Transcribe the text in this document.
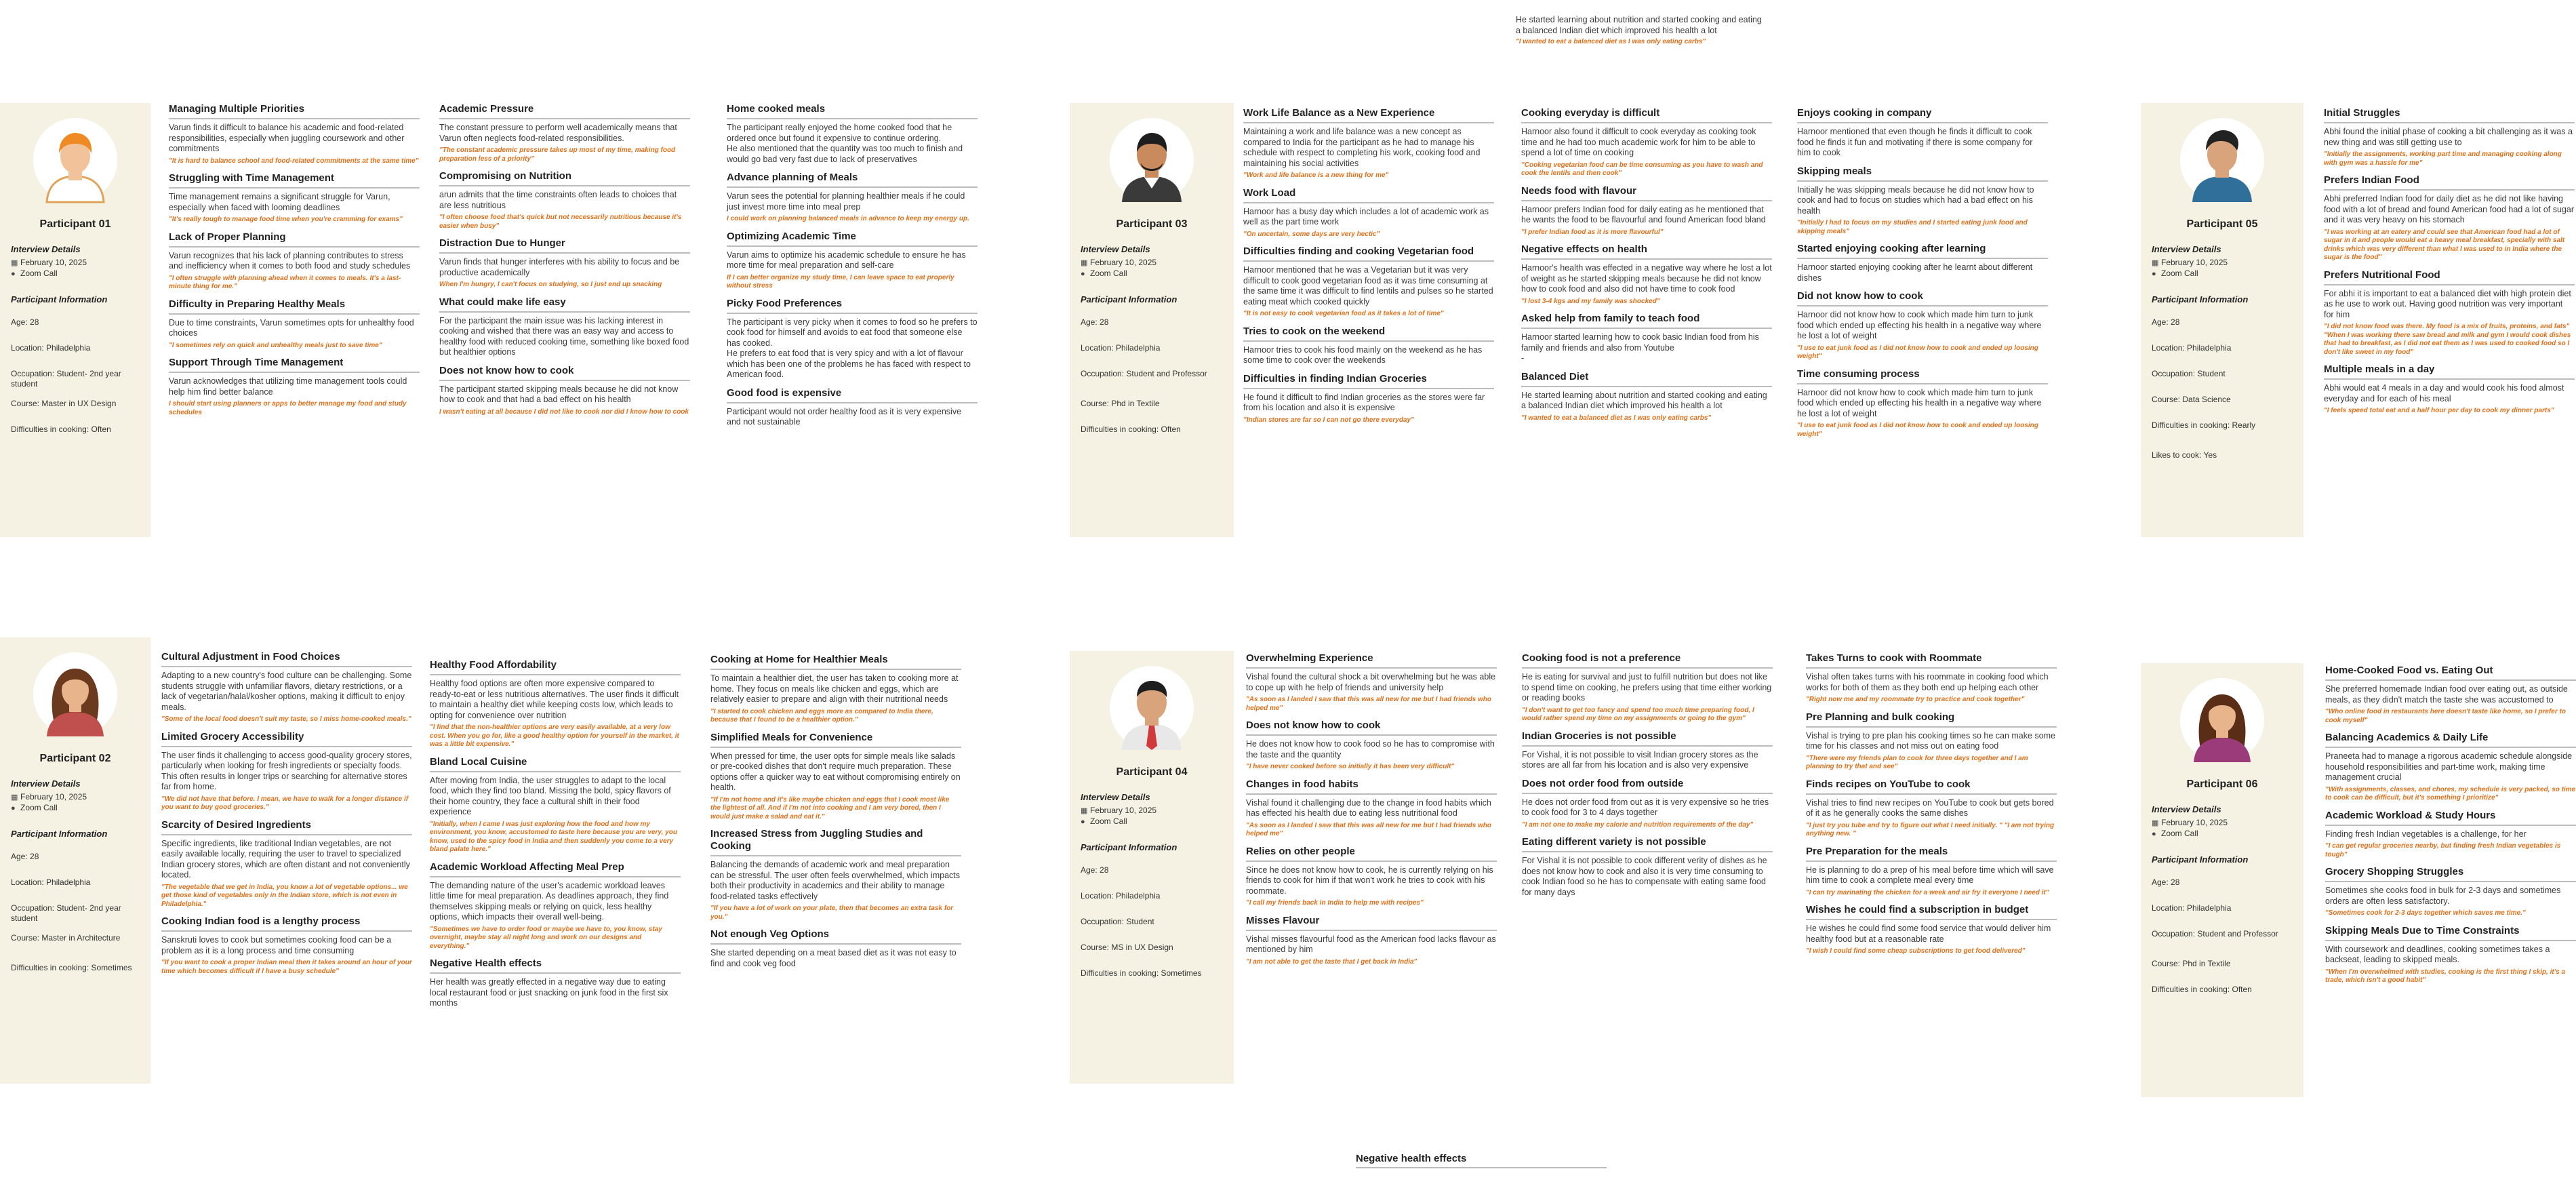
He started learning about nutrition and started cooking and eating a balanced Indian diet which improved his health a lot

"I wanted to eat a balanced diet as I was only eating carbs"
Negative health effects
Participant 01
Interview Details
▦ February 10, 2025
● Zoom Call
Participant Information
Age: 28
Location: Philadelphia
Occupation: Student- 2nd year student
Course: Master in UX Design
Difficulties in cooking: Often
Managing Multiple Priorities

Varun finds it difficult to balance his academic and food-related responsibilities, especially when juggling coursework and other commitments

"It is hard to balance school and food-related commitments at the same time"
Struggling with Time Management

Time management remains a significant struggle for Varun, especially when faced with looming deadlines

"It's really tough to manage food time when you're cramming for exams"
Lack of Proper Planning

Varun recognizes that his lack of planning contributes to stress and inefficiency when it comes to both food and study schedules

"I often struggle with planning ahead when it comes to meals. It's a last-minute thing for me."
Difficulty in Preparing Healthy Meals

Due to time constraints, Varun sometimes opts for unhealthy food choices

"I sometimes rely on quick and unhealthy meals just to save time"
Support Through Time Management

Varun acknowledges that utilizing time management tools could help him find better balance

I should start using planners or apps to better manage my food and study schedules
Academic Pressure

The constant pressure to perform well academically means that Varun often neglects food-related responsibilities.

"The constant academic pressure takes up most of my time, making food preparation less of a priority"
Compromising on Nutrition

arun admits that the time constraints often leads to choices that are less nutritious

"I often choose food that's quick but not necessarily nutritious because it's easier when busy"
Distraction Due to Hunger

Varun finds that hunger interferes with his ability to focus and be productive academically

When I'm hungry, I can't focus on studying, so I just end up snacking
What could make life easy

For the participant the main issue was his lacking interest in cooking and wished that there was an easy way and access to healthy food with reduced cooking time, something like boxed food but healthier options

Does not know how to cook

The participant started skipping meals because he did not know how to cook and that had a bad effect on his health

I wasn't eating at all because I did not like to cook nor did I know how to cook
Home cooked meals

The participant really enjoyed the home cooked food that he ordered once but found it expensive to continue ordering.
He also mentioned that the quantity was too much to finish and would go bad very fast due to lack of preservatives

Advance planning of Meals

Varun sees the potential for planning healthier meals if he could just invest more time into meal prep

I could work on planning balanced meals in advance to keep my energy up.
Optimizing Academic Time

Varun aims to optimize his academic schedule to ensure he has more time for meal preparation and self-care

If I can better organize my study time, I can leave space to eat properly without stress
Picky Food Preferences

The participant is very picky when it comes to food so he prefers to cook food for himself and avoids to eat food that someone else has cooked.
He prefers to eat food that is very spicy and with a lot of flavour which has been one of the problems he has faced with respect to American food.

Good food is expensive

Participant would not order healthy food as it is very expensive and not sustainable

Participant 03
Interview Details
▦ February 10, 2025
● Zoom Call
Participant Information
Age: 28
Location: Philadelphia
Occupation: Student and Professor
Course: Phd in Textile
Difficulties in cooking: Often
Work Life Balance as a New Experience

Maintaining a work and life balance was a new concept as compared to India for the participant as he had to manage his schedule with respect to completing his work, cooking food and maintaining his social activities

"Work and life balance is a new thing for me"
Work Load

Harnoor has a busy day which includes a lot of academic work as well as the part time work

"On uncertain, some days are very hectic"
Difficulties finding and cooking Vegetarian food

Harnoor mentioned that he was a Vegetarian but it was very difficult to cook good vegetarian food as it was time consuming at the same time it was difficult to find lentils and pulses so he started eating meat which cooked quickly

"It is not easy to cook vegetarian food as it takes a lot of time"
Tries to cook on the weekend

Harnoor tries to cook his food mainly on the weekend as he has some time to cook over the weekends

Difficulties in finding Indian Groceries

He found it difficult to find Indian groceries as the stores were far from his location and also it is expensive

"Indian stores are far so I can not go there everyday"
Cooking everyday is difficult

Harnoor also found it difficult to cook everyday as cooking took time and he had too much academic work for him to be able to spend a lot of time on cooking

"Cooking vegetarian food can be time consuming as you have to wash and cook the lentils and then cook"
Needs food with flavour

Harnoor prefers Indian food for daily eating as he mentioned that he wants the food to be flavourful and found American food bland

"I prefer Indian food as it is more flavourful"
Negative effects on health

Harnoor's health was effected in a negative way where he lost a lot of weight as he started skipping meals because he did not know how to cook food and also did not have time to cook food

"I lost 3-4 kgs and my family was shocked"
Asked help from family to teach food

Harnoor started learning how to cook basic Indian food from his family and friends and also from Youtube
-

Balanced Diet

He started learning about nutrition and started cooking and eating a balanced Indian diet which improved his health a lot

"I wanted to eat a balanced diet as I was only eating carbs"
Enjoys cooking in company

Harnoor mentioned that even though he finds it difficult to cook food he finds it fun and motivating if there is some company for him to cook

Skipping meals

Initially he was skipping meals because he did not know how to cook and had to focus on studies which had a bad effect on his health

"Initially I had to focus on my studies and I started eating junk food and skipping meals"
Started enjoying cooking after learning

Harnoor started enjoying cooking after he learnt about different dishes

Did not know how to cook

Harnoor did not know how to cook which made him turn to junk food which ended up effecting his health in a negative way where he lost a lot of weight

"I use to eat junk food as I did not know how to cook and ended up loosing weight"
Time consuming process

Harnoor did not know how to cook which made him turn to junk food which ended up effecting his health in a negative way where he lost a lot of weight

"I use to eat junk food as I did not know how to cook and ended up loosing weight"
Participant 05
Interview Details
▦ February 10, 2025
● Zoom Call
Participant Information
Age: 28
Location: Philadelphia
Occupation: Student
Course: Data Science
Difficulties in cooking: Rearly
Likes to cook: Yes
Initial Struggles

Abhi found the initial phase of cooking a bit challenging as it was a new thing and was still getting use to

"Initially the assignments, working part time and managing cooking along with gym was a hassle for me"
Prefers Indian Food

Abhi preferred Indian food for daily diet as he did not like having food with a lot of bread and found American food had a lot of sugar and it was very heavy on his stomach

"I was working at an eatery and could see that American food had a lot of sugar in it and people would eat a heavy meal breakfast, specially with salt drinks which was very different than what I was used to in India where the sugar is the food"
Prefers Nutritional Food

For abhi it is important to eat a balanced diet with high protein diet as he use to work out. Having good nutrition was very important for him

"I did not know food was there. My food is a mix of fruits, proteins, and fats" "When I was working there saw bread and milk and gym I would cook dishes that had to breakfast, as I did not eat them as I was used to cooked food so I don't like sweet in my food"
Multiple meals in a day

Abhi would eat 4 meals in a day and would cook his food almost everyday and for each of his meal

"I feels speed total eat and a half hour per day to cook my dinner parts"
Participant 02
Interview Details
▦ February 10, 2025
● Zoom Call
Participant Information
Age: 28
Location: Philadelphia
Occupation: Student- 2nd year student
Course: Master in Architecture
Difficulties in cooking: Sometimes
Cultural Adjustment in Food Choices

Adapting to a new country's food culture can be challenging. Some students struggle with unfamiliar flavors, dietary restrictions, or a lack of vegetarian/halal/kosher options, making it difficult to enjoy meals.

"Some of the local food doesn't suit my taste, so I miss home-cooked meals."
Limited Grocery Accessibility

The user finds it challenging to access good-quality grocery stores, particularly when looking for fresh ingredients or specialty foods. This often results in longer trips or searching for alternative stores far from home.

"We did not have that before. I mean, we have to walk for a longer distance if you want to buy good groceries."
Scarcity of Desired Ingredients

Specific ingredients, like traditional Indian vegetables, are not easily available locally, requiring the user to travel to specialized Indian grocery stores, which are often distant and not conveniently located.

"The vegetable that we get in India, you know a lot of vegetable options... we get those kind of vegetables only in the Indian store, which is not even in Philadelphia."
Cooking Indian food is a lengthy process

Sanskruti loves to cook but sometimes cooking food can be a problem as it is a long process and time consuming

"If you want to cook a proper Indian meal then it takes around an hour of your time which becomes difficult if I have a busy schedule"
Healthy Food Affordability

Healthy food options are often more expensive compared to ready-to-eat or less nutritious alternatives. The user finds it difficult to maintain a healthy diet while keeping costs low, which leads to opting for convenience over nutrition

"I find that the non-healthier options are very easily available, at a very low cost. When you go for, like a good healthy option for yourself in the market, it was a little bit expensive."
Bland Local Cuisine

After moving from India, the user struggles to adapt to the local food, which they find too bland. Missing the bold, spicy flavors of their home country, they face a cultural shift in their food experience

"Initially, when I came I was just exploring how the food and how my environment, you know, accustomed to taste here because you are very, you know, used to the spicy food in India and then suddenly you come to a very bland palate here."
Academic Workload Affecting Meal Prep

The demanding nature of the user's academic workload leaves little time for meal preparation. As deadlines approach, they find themselves skipping meals or relying on quick, less healthy options, which impacts their overall well-being.

"Sometimes we have to order food or maybe we have to, you know, stay overnight, maybe stay all night long and work on our designs and everything."
Negative Health effects

Her health was greatly effected in a negative way due to eating local restaurant food or just snacking on junk food in the first six months

Cooking at Home for Healthier Meals

To maintain a healthier diet, the user has taken to cooking more at home. They focus on meals like chicken and eggs, which are relatively easier to prepare and align with their nutritional needs

"I started to cook chicken and eggs more as compared to India there, because that I found to be a healthier option."
Simplified Meals for Convenience

When pressed for time, the user opts for simple meals like salads or pre-cooked dishes that don't require much preparation. These options offer a quicker way to eat without compromising entirely on health.

"If I'm not home and it's like maybe chicken and eggs that I cook most like the lightest of all. And if I'm not into cooking and I am very bored, then I would just make a salad and eat it."
Increased Stress from Juggling Studies and Cooking

Balancing the demands of academic work and meal preparation can be stressful. The user often feels overwhelmed, which impacts both their productivity in academics and their ability to manage food-related tasks effectively

"If you have a lot of work on your plate, then that becomes an extra task for you."
Not enough Veg Options

She started depending on a meat based diet as it was not easy to find and cook veg food

Participant 04
Interview Details
▦ February 10, 2025
● Zoom Call
Participant Information
Age: 28
Location: Philadelphia
Occupation: Student
Course: MS in UX Design
Difficulties in cooking: Sometimes
Overwhelming Experience

Vishal found the cultural shock a bit overwhelming but he was able to cope up with he help of friends and university help

"As soon as I landed I saw that this was all new for me but I had friends who helped me"
Does not know how to cook

He does not know how to cook food so he has to compromise with the taste and the quantity

"I have never cooked before so initially it has been very difficult"
Changes in food habits

Vishal found it challenging due to the change in food habits which has effected his health due to eating less nutritional food

"As soon as I landed I saw that this was all new for me but I had friends who helped me"
Relies on other people

Since he does not know how to cook, he is currently relying on his friends to cook for him if that won't work he tries to cook with his roommate.

"I call my friends back in India to help me with recipes"
Misses Flavour

Vishal misses flavourful food as the American food lacks flavour as mentioned by him

"I am not able to get the taste that I get back in India"
Cooking food is not a preference

He is eating for survival and just to fulfill nutrition but does not like to spend time on cooking, he prefers using that time either working or reading books

"I don't want to get too fancy and spend too much time preparing food, I would rather spend my time on my assignments or going to the gym"
Indian Groceries is not possible

For Vishal, it is not possible to visit Indian grocery stores as the stores are all far from his location and is also very expensive

Does not order food from outside

He does not order food from out as it is very expensive so he tries to cook food for 3 to 4 days together

"I am not one to make my calorie and nutrition requirements of the day"
Eating different variety is not possible

For Vishal it is not possible to cook different verity of dishes as he does not know how to cook and also it is very time consuming to cook Indian food so he has to compensate with eating same food for many days

Takes Turns to cook with Roommate

Vishal often takes turns with his roommate in cooking food which works for both of them as they both end up helping each other

"Right now me and my roommate try to practice and cook together"
Pre Planning and bulk cooking

Vishal is trying to pre plan his cooking times so he can make some time for his classes and not miss out on eating food

"There were my friends plan to cook for three days together and I am planning to try that and see"
Finds recipes on YouTube to cook

Vishal tries to find new recipes on YouTube to cook but gets bored of it as he generally cooks the same dishes

"I just try you tube and try to figure out what I need initially. " "I am not trying anything new. "
Pre Preparation for the meals

He is planning to do a prep of his meal before time which will save him time to cook a complete meal every time

"I can try marinating the chicken for a week and air fry it everyone I need it"
Wishes he could find a subscription in budget

He wishes he could find some food service that would deliver him healthy food but at a reasonable rate

"I wish I could find some cheap subscriptions to get food delivered"
Participant 06
Interview Details
▦ February 10, 2025
● Zoom Call
Participant Information
Age: 28
Location: Philadelphia
Occupation: Student and Professor
Course: Phd in Textile
Difficulties in cooking: Often
Home-Cooked Food vs. Eating Out

She preferred homemade Indian food over eating out, as outside meals, as they didn't match the taste she was accustomed to

"Who online food in restaurants here doesn't taste like home, so I prefer to cook myself"
Balancing Academics & Daily Life

Praneeta had to manage a rigorous academic schedule alongside household responsibilities and part-time work, making time management crucial

"With assignments, classes, and chores, my schedule is very packed, so time to cook can be difficult, but it's something I prioritize"
Academic Workload & Study Hours

Finding fresh Indian vegetables is a challenge, for her

"I can get regular groceries nearby, but finding fresh Indian vegetables is tough"
Grocery Shopping Struggles

Sometimes she cooks food in bulk for 2-3 days and sometimes orders are often less satisfactory.

"Sometimes cook for 2-3 days together which saves me time."
Skipping Meals Due to Time Constraints

With coursework and deadlines, cooking sometimes takes a backseat, leading to skipped meals.

"When I'm overwhelmed with studies, cooking is the first thing I skip, it's a trade, which isn't a good habit"
